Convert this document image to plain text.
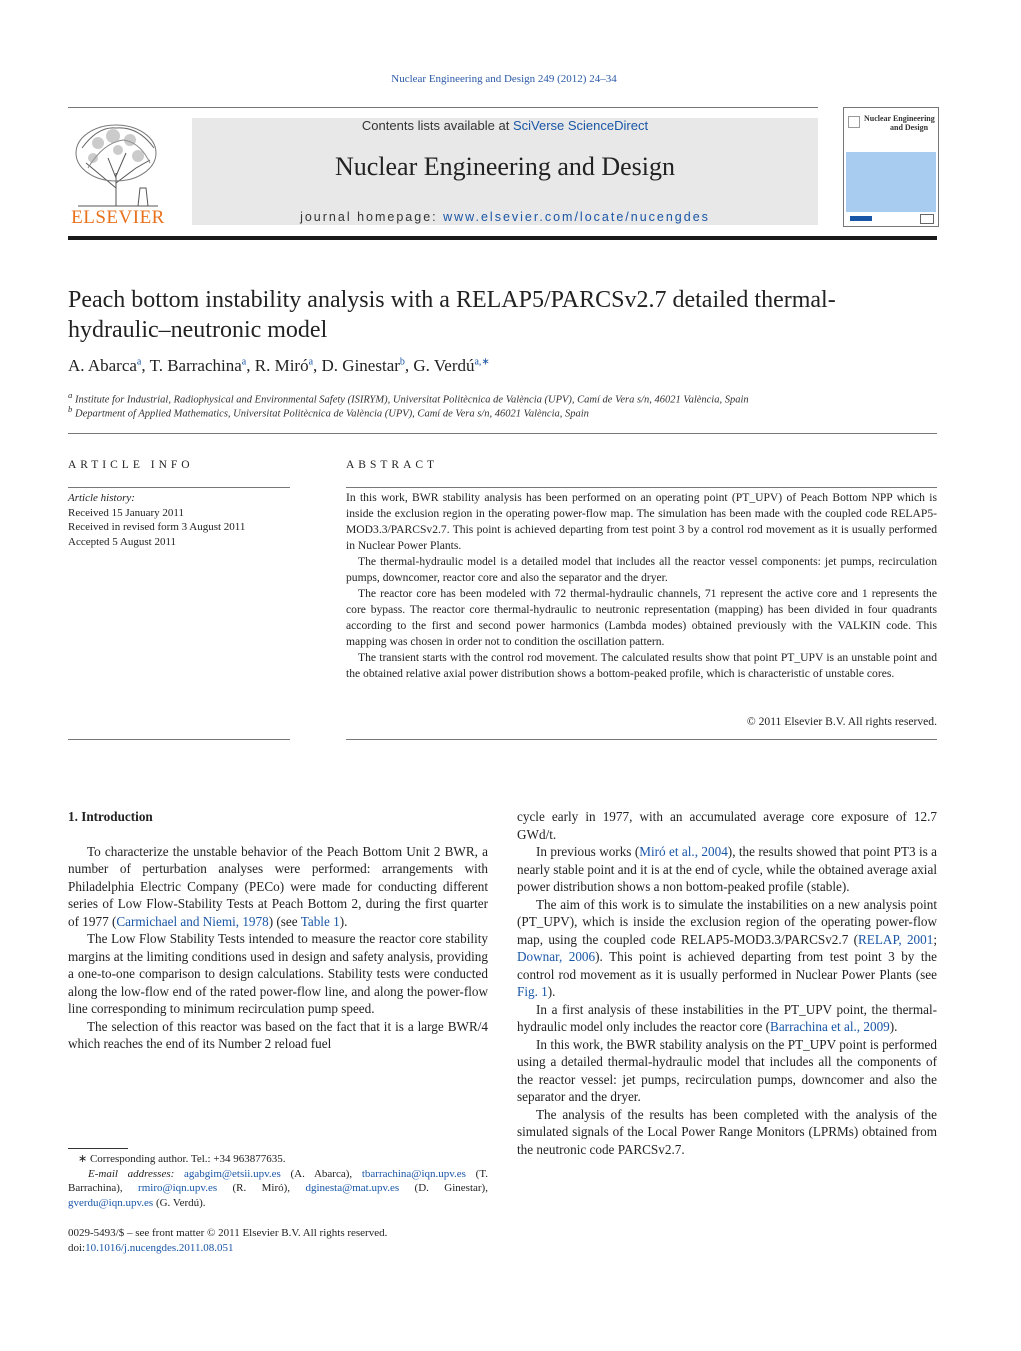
Nuclear Engineering and Design 249 (2012) 24–34
ELSEVIER
Contents lists available at SciVerse ScienceDirect
Nuclear Engineering and Design
journal homepage: www.elsevier.com/locate/nucengdes
Nuclear Engineering
and Design
Peach bottom instability analysis with a RELAP5/PARCSv2.7 detailed thermal-hydraulic–neutronic model
A. Abarca$^a$, T. Barrachina$^a$, R. Miró$^a$, D. Ginestar$^b$, G. Verdú$^{a,∗}$
$^a$ Institute for Industrial, Radiophysical and Environmental Safety (ISIRYM), Universitat Politècnica de València (UPV), Camí de Vera s/n, 46021 València, Spain
$^b$ Department of Applied Mathematics, Universitat Politècnica de València (UPV), Camí de Vera s/n, 46021 València, Spain
ARTICLE INFO
Article history:
Received 15 January 2011
Received in revised form 3 August 2011
Accepted 5 August 2011
ABSTRACT

In this work, BWR stability analysis has been performed on an operating point (PT_UPV) of Peach Bottom NPP which is inside the exclusion region in the operating power-flow map. The simulation has been made with the coupled code RELAP5-MOD3.3/PARCSv2.7. This point is achieved departing from test point 3 by a control rod movement as it is usually performed in Nuclear Power Plants.

The thermal-hydraulic model is a detailed model that includes all the reactor vessel components: jet pumps, recirculation pumps, downcomer, reactor core and also the separator and the dryer.

The reactor core has been modeled with 72 thermal-hydraulic channels, 71 represent the active core and 1 represents the core bypass. The reactor core thermal-hydraulic to neutronic representation (mapping) has been divided in four quadrants according to the first and second power harmonics (Lambda modes) obtained previously with the VALKIN code. This mapping was chosen in order not to condition the oscillation pattern.

The transient starts with the control rod movement. The calculated results show that point PT_UPV is an unstable point and the obtained relative axial power distribution shows a bottom-peaked profile, which is characteristic of unstable cores.

© 2011 Elsevier B.V. All rights reserved.

1. Introduction

To characterize the unstable behavior of the Peach Bottom Unit 2 BWR, a number of perturbation analyses were performed: arrangements with Philadelphia Electric Company (PECo) were made for conducting different series of Low Flow-Stability Tests at Peach Bottom 2, during the first quarter of 1977 (Carmichael and Niemi, 1978) (see Table 1).

The Low Flow Stability Tests intended to measure the reactor core stability margins at the limiting conditions used in design and safety analysis, providing a one-to-one comparison to design calculations. Stability tests were conducted along the low-flow end of the rated power-flow line, and along the power-flow line corresponding to minimum recirculation pump speed.

The selection of this reactor was based on the fact that it is a large BWR/4 which reaches the end of its Number 2 reload fuel

cycle early in 1977, with an accumulated average core exposure of 12.7 GWd/t.

In previous works (Miró et al., 2004), the results showed that point PT3 is a nearly stable point and it is at the end of cycle, while the obtained average axial power distribution shows a non bottom-peaked profile (stable).

The aim of this work is to simulate the instabilities on a new analysis point (PT_UPV), which is inside the exclusion region of the operating power-flow map, using the coupled code RELAP5-MOD3.3/PARCSv2.7 (RELAP, 2001; Downar, 2006). This point is achieved departing from test point 3 by the control rod movement as it is usually performed in Nuclear Power Plants (see Fig. 1).

In a first analysis of these instabilities in the PT_UPV point, the thermal-hydraulic model only includes the reactor core (Barrachina et al., 2009).

In this work, the BWR stability analysis on the PT_UPV point is performed using a detailed thermal-hydraulic model that includes all the components of the reactor vessel: jet pumps, recirculation pumps, downcomer and also the separator and the dryer.

The analysis of the results has been completed with the analysis of the simulated signals of the Local Power Range Monitors (LPRMs) obtained from the neutronic code PARCSv2.7.

∗ Corresponding author. Tel.: +34 963877635.

E-mail addresses: agabgim@etsii.upv.es (A. Abarca), tbarrachina@iqn.upv.es (T. Barrachina), rmiro@iqn.upv.es (R. Miró), dginesta@mat.upv.es (D. Ginestar), gverdu@iqn.upv.es (G. Verdú).

0029-5493/$ – see front matter © 2011 Elsevier B.V. All rights reserved.

doi:10.1016/j.nucengdes.2011.08.051
